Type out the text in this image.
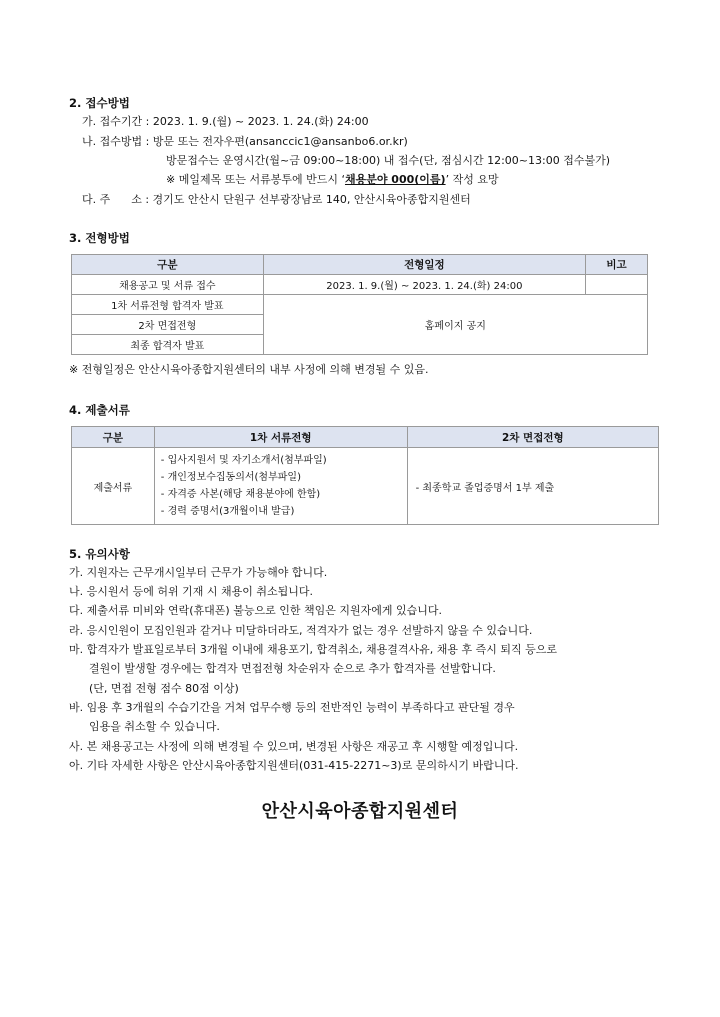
2. 접수방법
가. 접수기간 : 2023. 1. 9.(월) ~ 2023. 1. 24.(화) 24:00
나. 접수방법 : 방문 또는 전자우편(ansanccic1@ansanbo6.or.kr)
방문접수는 운영시간(월~금 09:00~18:00) 내 접수(단, 점심시간 12:00~13:00 접수불가)
※ 메일제목 또는 서류봉투에 반드시 ‘채용분야 000(이름)’ 작성 요망
다. 주      소 : 경기도 안산시 단원구 선부광장남로 140, 안산시육아종합지원센터
3. 전형방법
구분	전형일정	비고
채용공고 및 서류 접수	2023. 1. 9.(월) ~ 2023. 1. 24.(화) 24:00	
1차 서류전형 합격자 발표	홈페이지 공지	
2차 면접전형		
최종 합격자 발표		
※ 전형일정은 안산시육아종합지원센터의 내부 사정에 의해 변경될 수 있음.
4. 제출서류
구분	1차 서류전형	2차 면접전형
제출서류	- 입사지원서 및 자기소개서(첨부파일)
- 개인정보수집동의서(첨부파일)
- 자격증 사본(해당 채용분야에 한함)
- 경력 증명서(3개월이내 발급)	- 최종학교 졸업증명서 1부 제출
5. 유의사항
가. 지원자는 근무개시일부터 근무가 가능해야 합니다.
나. 응시원서 등에 허위 기재 시 채용이 취소됩니다.
다. 제출서류 미비와 연락(휴대폰) 불능으로 인한 책임은 지원자에게 있습니다.
라. 응시인원이 모집인원과 같거나 미달하더라도, 적격자가 없는 경우 선발하지 않을 수 있습니다.
마. 합격자가 발표일로부터 3개월 이내에 채용포기, 합격취소, 채용결격사유, 채용 후 즉시 퇴직 등으로
결원이 발생할 경우에는 합격자 면접전형 차순위자 순으로 추가 합격자를 선발합니다.
(단, 면접 전형 점수 80점 이상)
바. 임용 후 3개월의 수습기간을 거쳐 업무수행 등의 전반적인 능력이 부족하다고 판단될 경우
임용을 취소할 수 있습니다.
사. 본 채용공고는 사정에 의해 변경될 수 있으며, 변경된 사항은 재공고 후 시행할 예정입니다.
아. 기타 자세한 사항은 안산시육아종합지원센터(031-415-2271~3)로 문의하시기 바랍니다.
안산시육아종합지원센터
